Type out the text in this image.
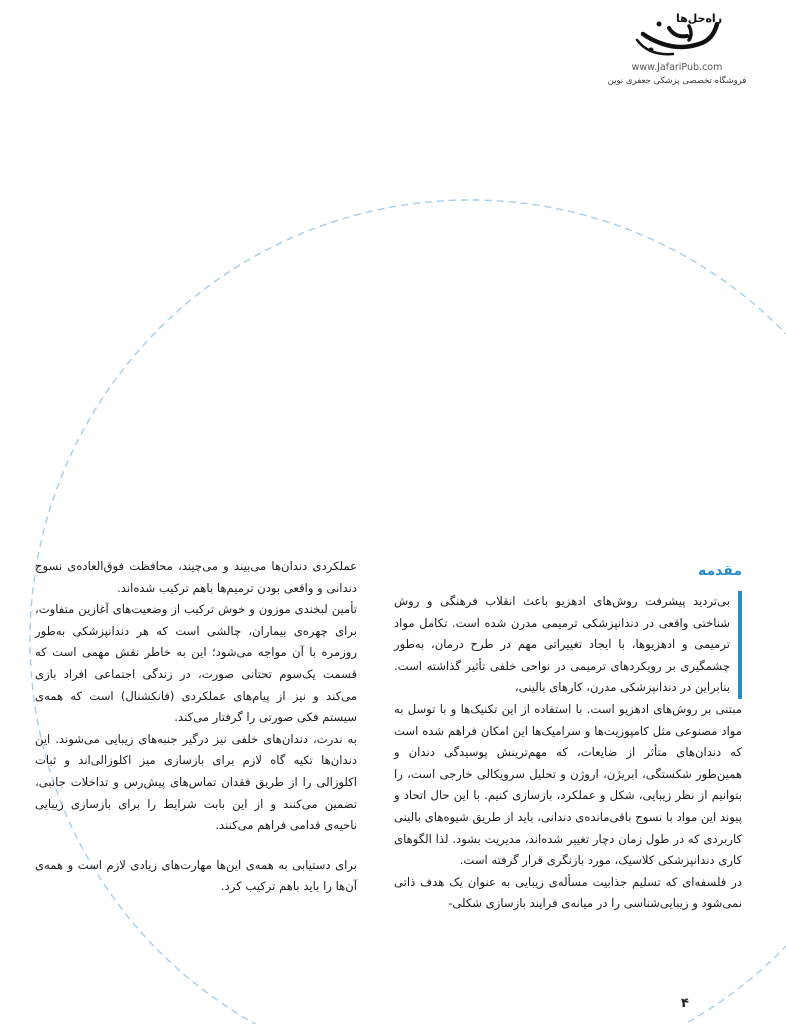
راه‌حل‌ها
www.JafariPub.com
فروشگاه تخصصی پزشکی جعفری نوین
مقدمه

بی‌تردید پیشرفت روش‌های ادهزیو باعث انقلاب فرهنگی و روش شناختی واقعی در دندانپزشکی ترمیمی مدرن شده است. تکامل مواد ترمیمی و ادهزیوها، با ایجاد تغییراتی مهم در طرح درمان، به‌طور چشمگیری بر رویکردهای ترمیمی در نواحی خلفی تأثیر گذاشته است. بنابراین در دندانپزشکی مدرن، کارهای بالینی،

مبتنی بر روش‌های ادهزیو است. با استفاده از این تکنیک‌ها و با توسل به مواد مصنوعی مثل کامپوزیت‌ها و سرامیک‌ها این امکان فراهم شده است که دندان‌های متأثر از ضایعات، که مهم‌ترینش پوسیدگی دندان و همین‌طور شکستگی، ابریژن، اروژن و تحلیل سرویکالی خارجی است، را بتوانیم از نظر زیبایی، شکل و عملکرد، بازسازی کنیم. با این حال اتحاد و پیوند این مواد با نسوج باقی‌مانده‌ی دندانی، باید از طریق شیوه‌های بالینی کاربردی که در طول زمان دچار تغییر شده‌اند، مدیریت بشود. لذا الگوهای کاری دندانپزشکی کلاسیک، مورد بازنگری قرار گرفته است.

در فلسفه‌ای که تسلیم جذابیت مسأله‌ی زیبایی به عنوان یک هدف ذاتی نمی‌شود و زیبایی‌شناسی را در میانه‌ی فرایند بازسازی شکلی-

عملکردی دندان‌ها می‌بیند و می‌چیند، محافظت فوق‌العاده‌ی نسوج دندانی و واقعی بودن ترمیم‌ها باهم ترکیب شده‌اند.

تأمین لبخندی موزون و خوش ترکیب از وضعیت‌های آغازین متفاوت، برای چهره‌ی بیماران، چالشی است که هر دندانپزشکی به‌طور روزمره با آن مواجه می‌شود؛ این به خاطر نقش مهمی است که قسمت یک‌سوم تحتانی صورت، در زندگی اجتماعی افراد بازی می‌کند و نیز از پیام‌های عملکردی (فانکشنال) است که همه‌ی سیستم فکی صورتی را گرفتار می‌کند.

به ندرت، دندان‌های خلفی نیز درگیر جنبه‌های زیبایی می‌شوند. این دندان‌ها تکیه گاه لازم برای بازسازی میز اکلوزالی‌اند و ثبات اکلوزالی را از طریق فقدان تماس‌های پیش‌رس و تداخلات جانبی، تضمین می‌کنند و از این بابت شرایط را برای بازسازی زیبایی ناحیه‌ی قدامی فراهم می‌کنند.

برای دستیابی به همه‌ی این‌ها مهارت‌های زیادی لازم است و همه‌ی آن‌ها را باید باهم ترکیب کرد.

۴
